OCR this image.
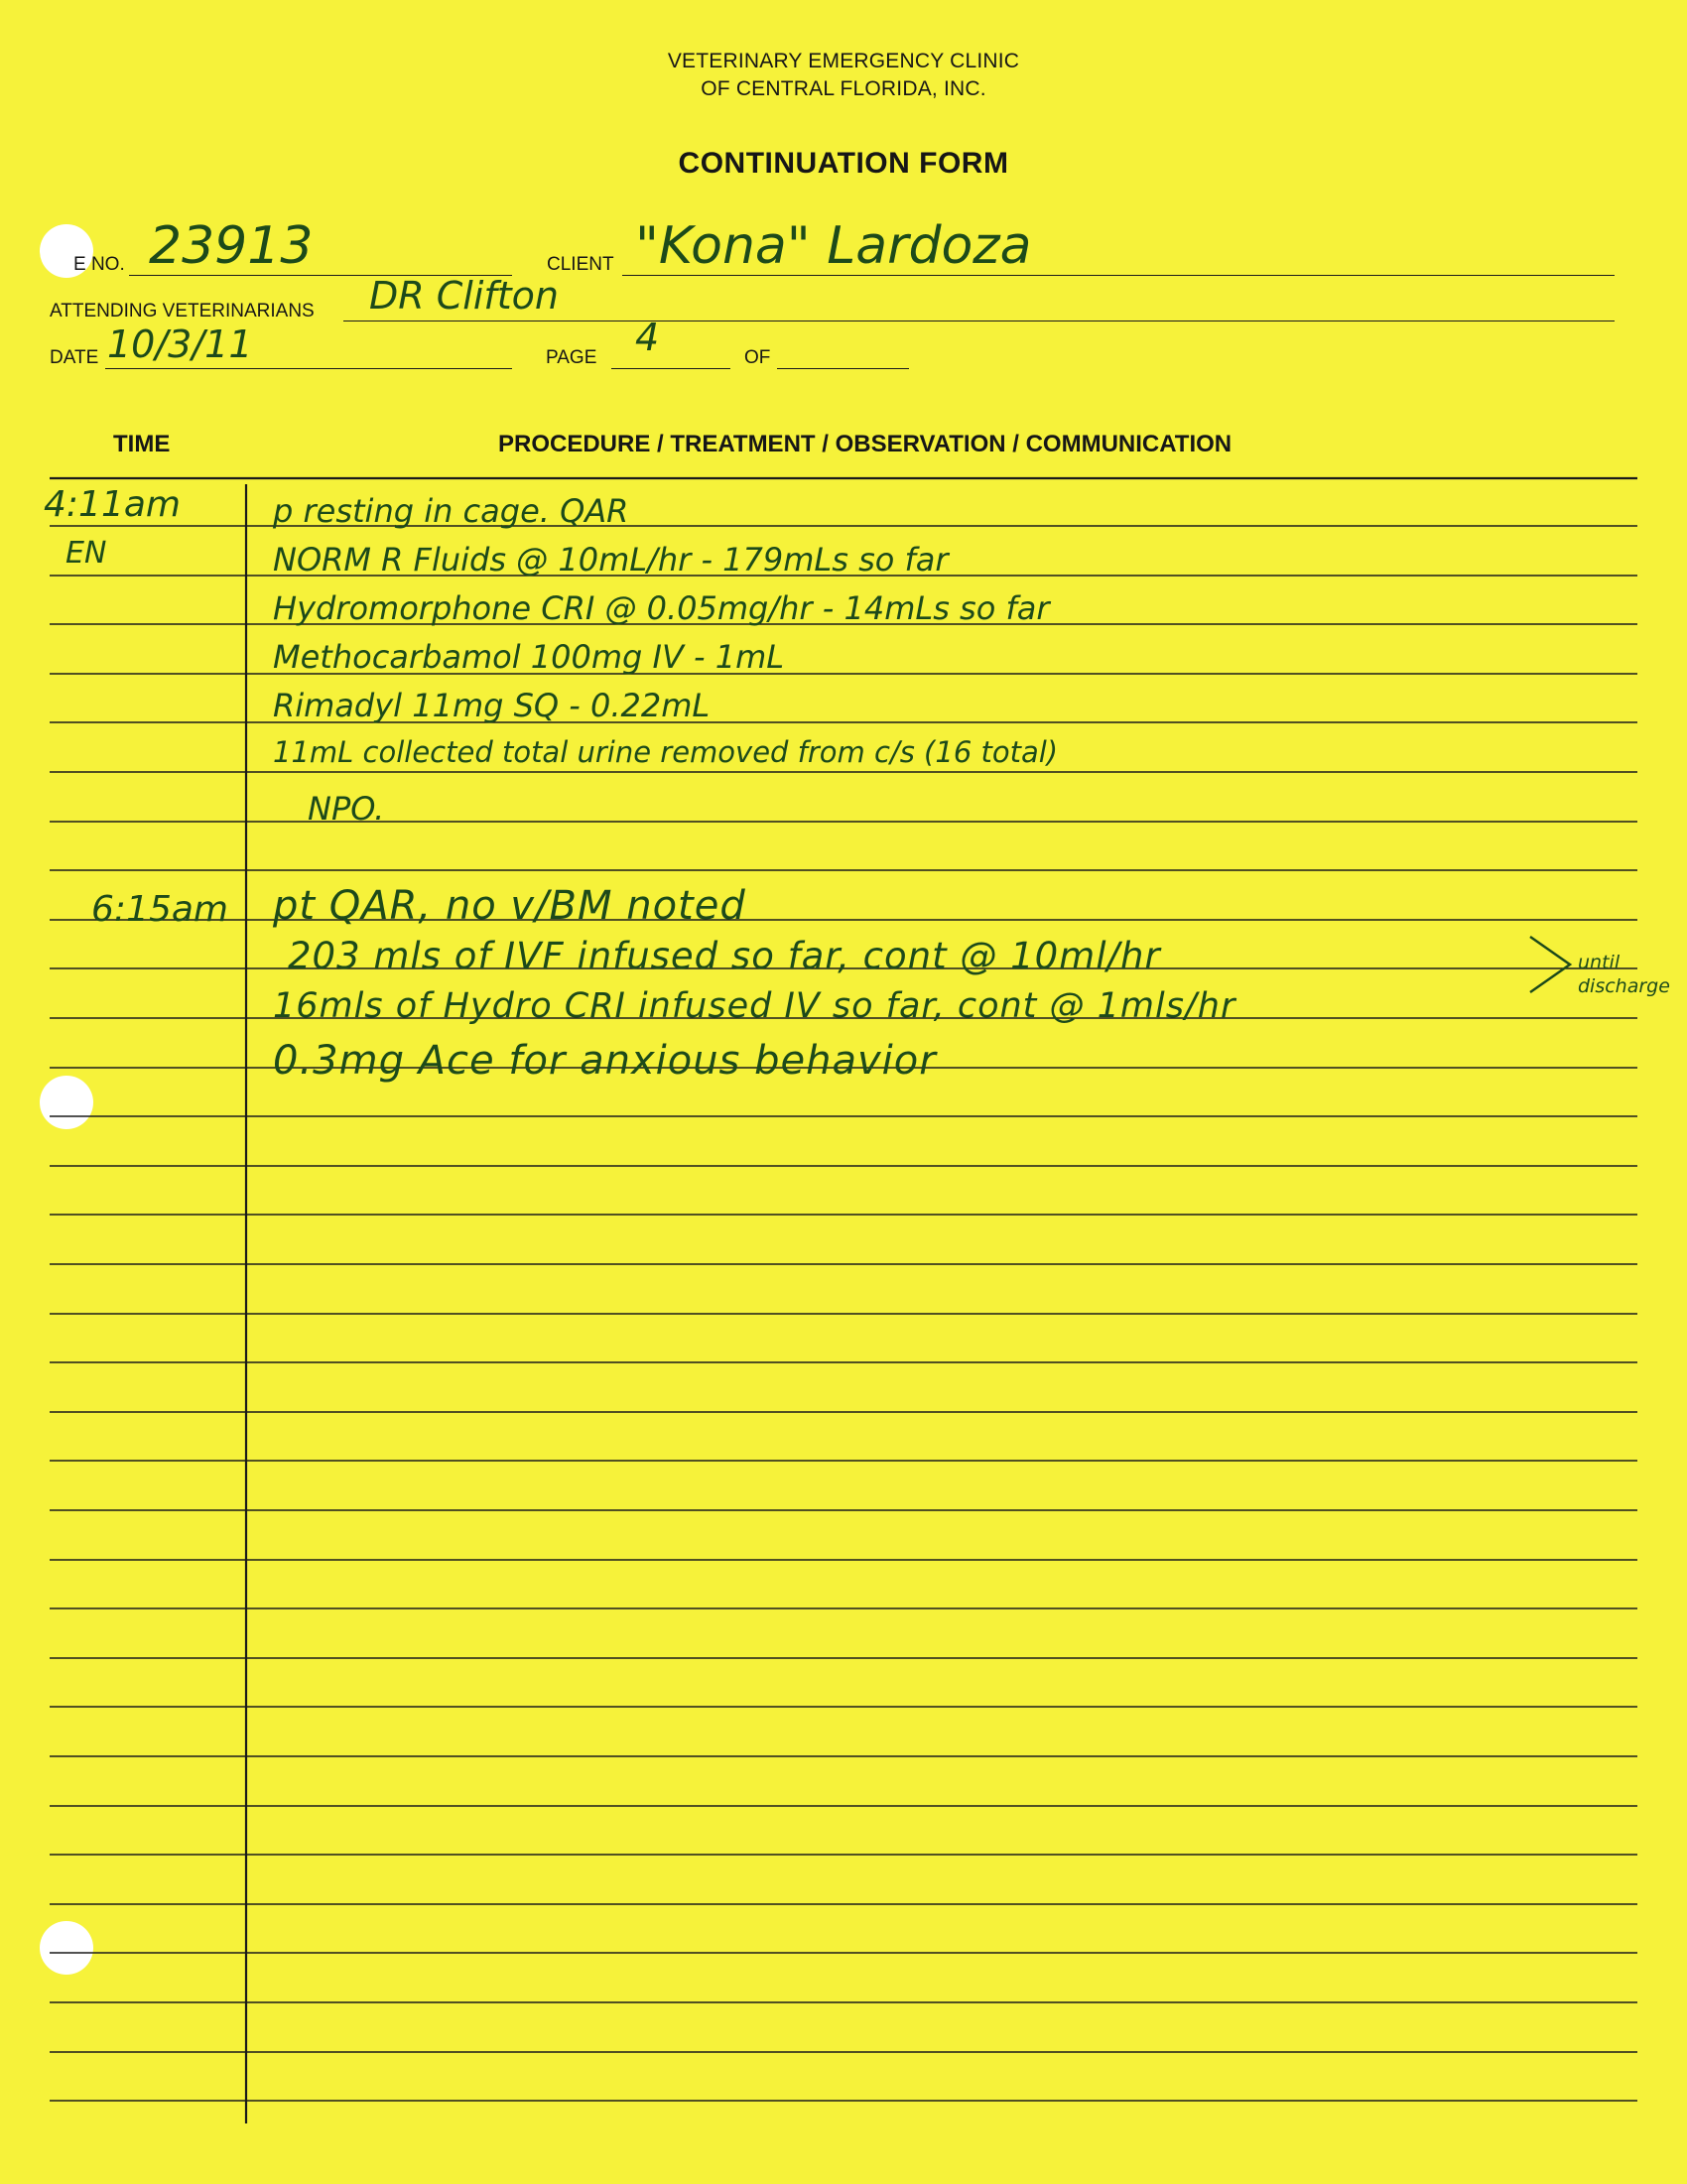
VETERINARY EMERGENCY CLINIC
OF CENTRAL FLORIDA, INC.
CONTINUATION FORM
E NO. 23913	CLIENT "Kona" Lardoza
ATTENDING VETERINARIANS DR Clifton
DATE 10/3/11	PAGE 4	OF
TIME	PROCEDURE / TREATMENT / OBSERVATION / COMMUNICATION
4:11am
EN
p resting in cage. QAR
NORM R Fluids @ 10mL/hr - 179mLs so far
Hydromorphone CRI @ 0.05mg/hr - 14mLs so far
Methocarbamol 100mg IV - 1mL
Rimadyl 11mg SQ - 0.22mL
11mL collected total urine removed from c/s (16 total)
NPO.
6:15am pt QAR, no v/BM noted
203 mls of IVF infused so far, cont @ 10ml/hr
16mls of Hydro CRI infused IV so far, cont @ 1mls/hr
0.3mg Ace for anxious behavior
until discharge
